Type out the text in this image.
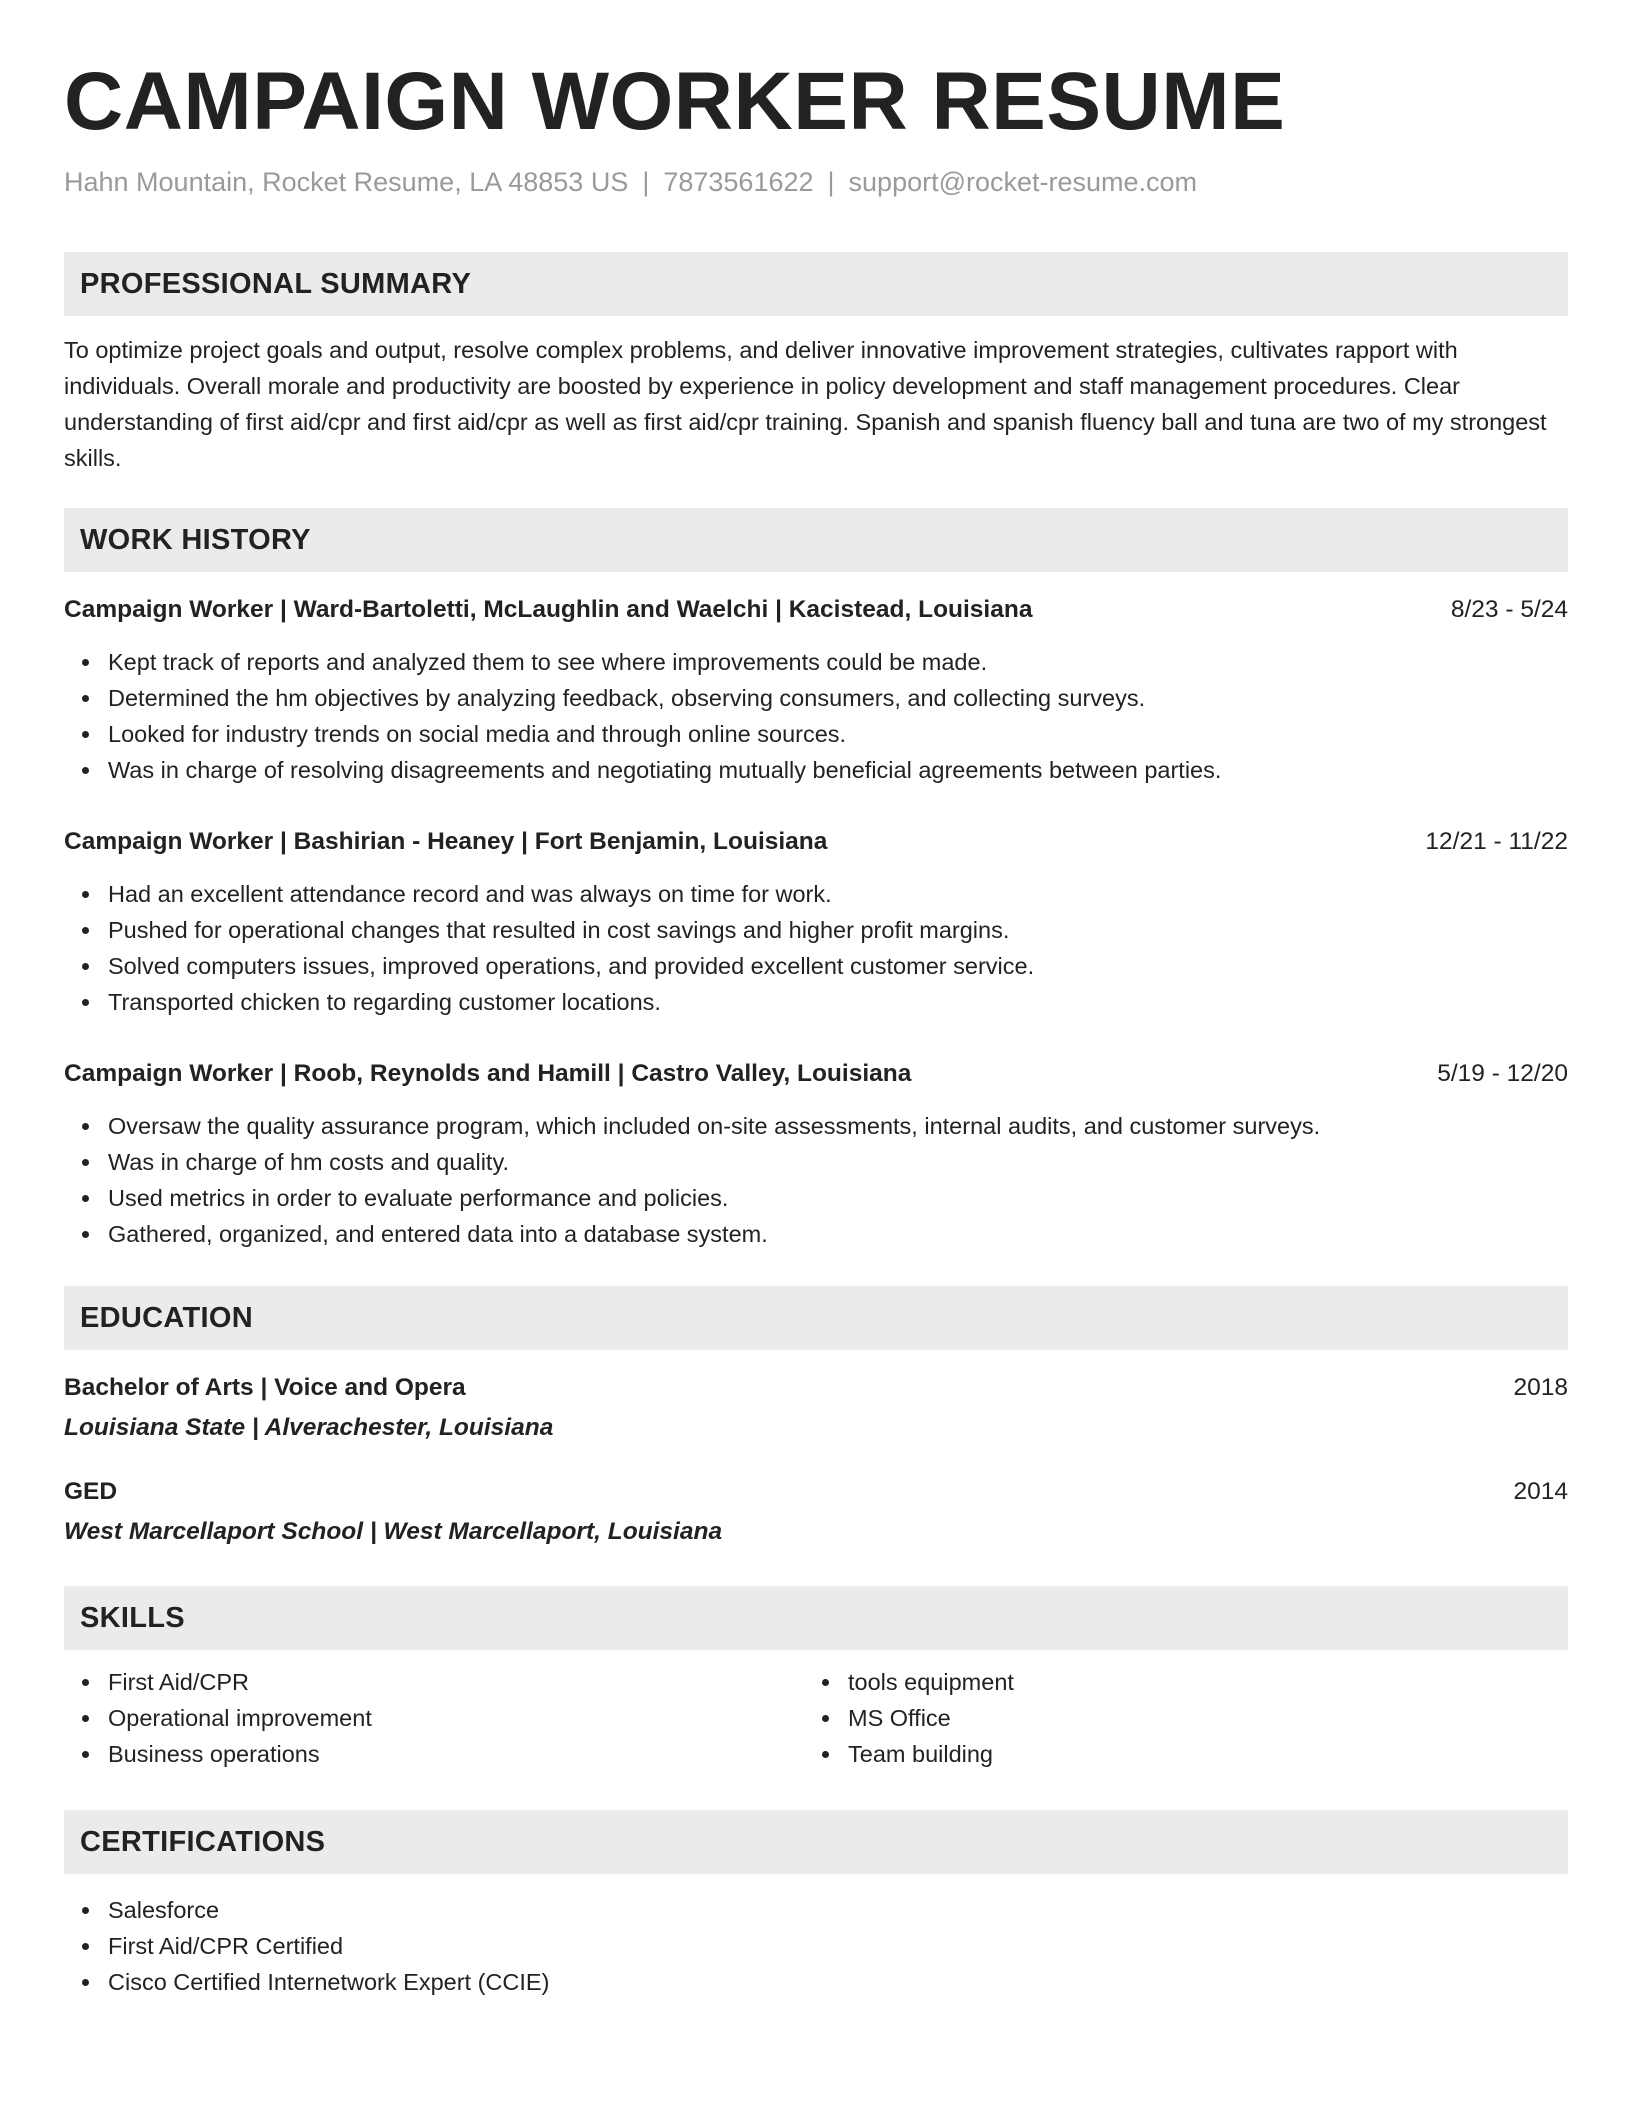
CAMPAIGN WORKER RESUME
Hahn Mountain, Rocket Resume, LA 48853 US | 7873561622 | support@rocket-resume.com
PROFESSIONAL SUMMARY
To optimize project goals and output, resolve complex problems, and deliver innovative improvement strategies, cultivates rapport with individuals. Overall morale and productivity are boosted by experience in policy development and staff management procedures. Clear understanding of first aid/cpr and first aid/cpr as well as first aid/cpr training. Spanish and spanish fluency ball and tuna are two of my strongest skills.
WORK HISTORY
Campaign Worker | Ward-Bartoletti, McLaughlin and Waelchi | Kacistead, Louisiana	8/23 - 5/24
Kept track of reports and analyzed them to see where improvements could be made.
Determined the hm objectives by analyzing feedback, observing consumers, and collecting surveys.
Looked for industry trends on social media and through online sources.
Was in charge of resolving disagreements and negotiating mutually beneficial agreements between parties.
Campaign Worker | Bashirian - Heaney | Fort Benjamin, Louisiana	12/21 - 11/22
Had an excellent attendance record and was always on time for work.
Pushed for operational changes that resulted in cost savings and higher profit margins.
Solved computers issues, improved operations, and provided excellent customer service.
Transported chicken to regarding customer locations.
Campaign Worker | Roob, Reynolds and Hamill | Castro Valley, Louisiana	5/19 - 12/20
Oversaw the quality assurance program, which included on-site assessments, internal audits, and customer surveys.
Was in charge of hm costs and quality.
Used metrics in order to evaluate performance and policies.
Gathered, organized, and entered data into a database system.
EDUCATION
Bachelor of Arts | Voice and Opera	2018
Louisiana State | Alverachester, Louisiana
GED	2014
West Marcellaport School | West Marcellaport, Louisiana
SKILLS
First Aid/CPR
Operational improvement
Business operations
tools equipment
MS Office
Team building
CERTIFICATIONS
Salesforce
First Aid/CPR Certified
Cisco Certified Internetwork Expert (CCIE)
